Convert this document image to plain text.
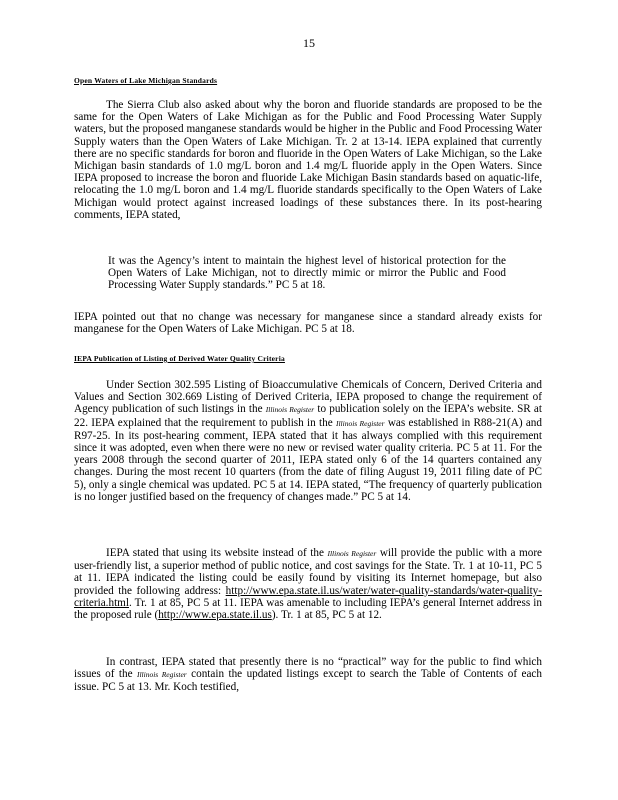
15
Open Waters of Lake Michigan Standards

The Sierra Club also asked about why the boron and fluoride standards are proposed to be the same for the Open Waters of Lake Michigan as for the Public and Food Processing Water Supply waters, but the proposed manganese standards would be higher in the Public and Food Processing Water Supply waters than the Open Waters of Lake Michigan. Tr. 2 at 13-14. IEPA explained that currently there are no specific standards for boron and fluoride in the Open Waters of Lake Michigan, so the Lake Michigan basin standards of 1.0 mg/L boron and 1.4 mg/L fluoride apply in the Open Waters. Since IEPA proposed to increase the boron and fluoride Lake Michigan Basin standards based on aquatic-life, relocating the 1.0 mg/L boron and 1.4 mg/L fluoride standards specifically to the Open Waters of Lake Michigan would protect against increased loadings of these substances there. In its post-hearing comments, IEPA stated,

It was the Agency’s intent to maintain the highest level of historical protection for the Open Waters of Lake Michigan, not to directly mimic or mirror the Public and Food Processing Water Supply standards.” PC 5 at 18.

IEPA pointed out that no change was necessary for manganese since a standard already exists for manganese for the Open Waters of Lake Michigan. PC 5 at 18.

IEPA Publication of Listing of Derived Water Quality Criteria

Under Section 302.595 Listing of Bioaccumulative Chemicals of Concern, Derived Criteria and Values and Section 302.669 Listing of Derived Criteria, IEPA proposed to change the requirement of Agency publication of such listings in the Illinois Register to publication solely on the IEPA’s website. SR at 22. IEPA explained that the requirement to publish in the Illinois Register was established in R88-21(A) and R97-25. In its post-hearing comment, IEPA stated that it has always complied with this requirement since it was adopted, even when there were no new or revised water quality criteria. PC 5 at 11. For the years 2008 through the second quarter of 2011, IEPA stated only 6 of the 14 quarters contained any changes. During the most recent 10 quarters (from the date of filing August 19, 2011 filing date of PC 5), only a single chemical was updated. PC 5 at 14. IEPA stated, “The frequency of quarterly publication is no longer justified based on the frequency of changes made.” PC 5 at 14.

IEPA stated that using its website instead of the Illinois Register will provide the public with a more user-friendly list, a superior method of public notice, and cost savings for the State. Tr. 1 at 10-11, PC 5 at 11. IEPA indicated the listing could be easily found by visiting its Internet homepage, but also provided the following address: http://www.epa.state.il.us/water/water-quality-standards/water-quality-criteria.html. Tr. 1 at 85, PC 5 at 11. IEPA was amenable to including IEPA’s general Internet address in the proposed rule (http://www.epa.state.il.us). Tr. 1 at 85, PC 5 at 12.

In contrast, IEPA stated that presently there is no “practical” way for the public to find which issues of the Illinois Register contain the updated listings except to search the Table of Contents of each issue. PC 5 at 13. Mr. Koch testified,
